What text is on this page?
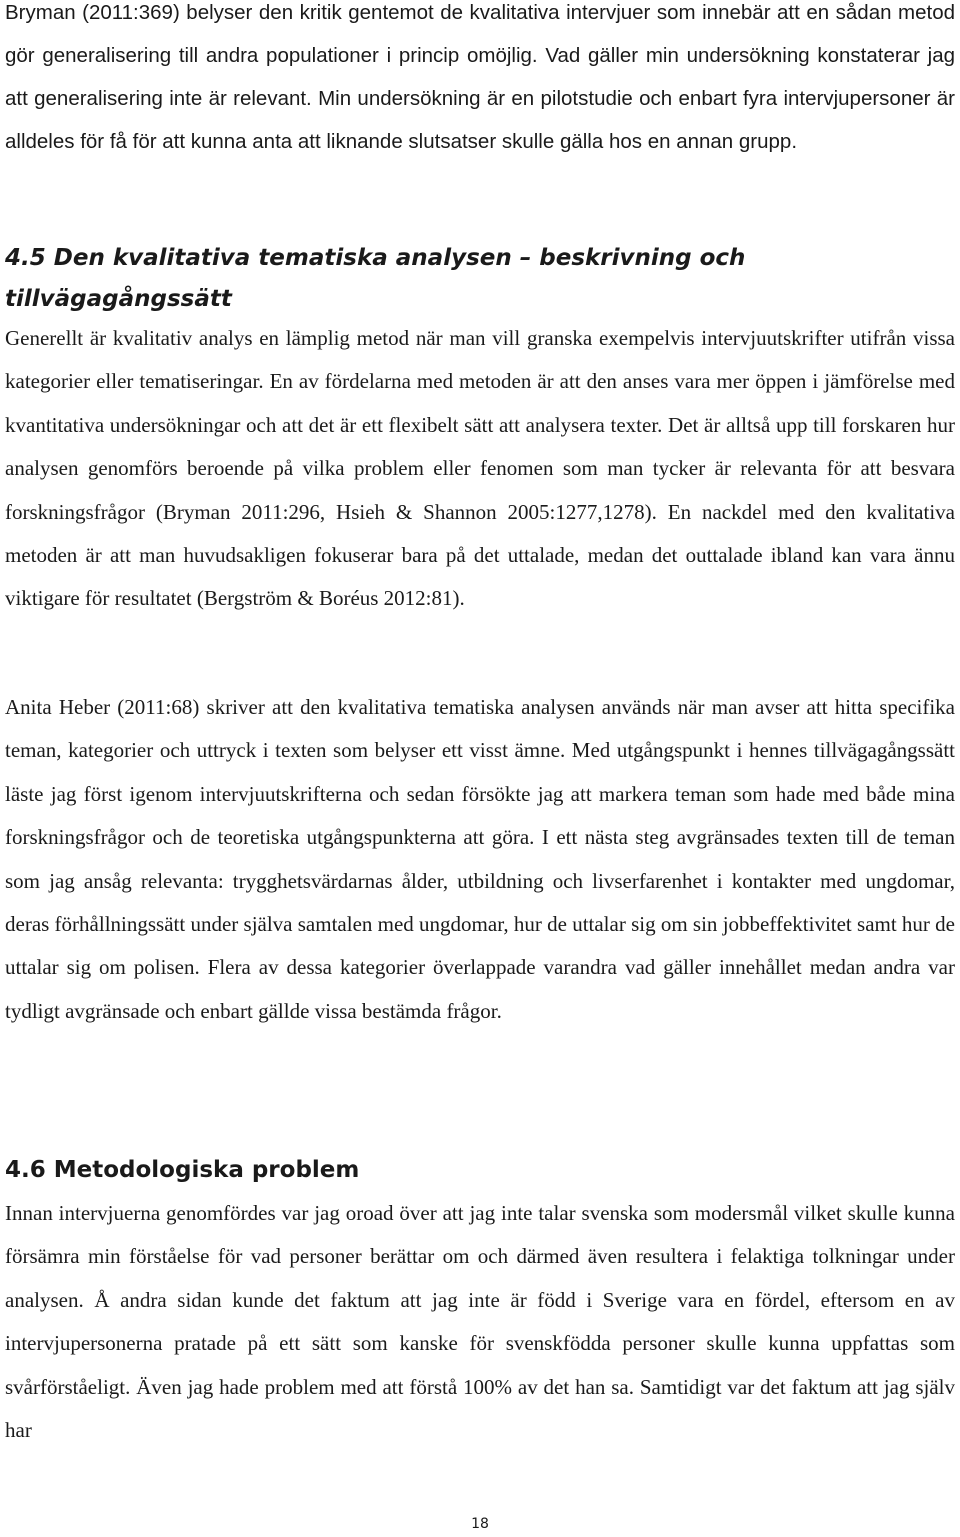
Bryman (2011:369) belyser den kritik gentemot de kvalitativa intervjuer som innebär att en sådan metod gör generalisering till andra populationer i princip omöjlig. Vad gäller min undersökning konstaterar jag att generalisering inte är relevant. Min undersökning är en pilotstudie och enbart fyra intervjupersoner är alldeles för få för att kunna anta att liknande slutsatser skulle gälla hos en annan grupp.

4.5 Den kvalitativa tematiska analysen – beskrivning och tillvägagångssätt

Generellt är kvalitativ analys en lämplig metod när man vill granska exempelvis intervjuutskrifter utifrån vissa kategorier eller tematiseringar. En av fördelarna med metoden är att den anses vara mer öppen i jämförelse med kvantitativa undersökningar och att det är ett flexibelt sätt att analysera texter. Det är alltså upp till forskaren hur analysen genomförs beroende på vilka problem eller fenomen som man tycker är relevanta för att besvara forskningsfrågor (Bryman 2011:296, Hsieh & Shannon 2005:1277,1278). En nackdel med den kvalitativa metoden är att man huvudsakligen fokuserar bara på det uttalade, medan det outtalade ibland kan vara ännu viktigare för resultatet (Bergström & Boréus 2012:81).

Anita Heber (2011:68) skriver att den kvalitativa tematiska analysen används när man avser att hitta specifika teman, kategorier och uttryck i texten som belyser ett visst ämne. Med utgångspunkt i hennes tillvägagångssätt läste jag först igenom intervjuutskrifterna och sedan försökte jag att markera teman som hade med både mina forskningsfrågor och de teoretiska utgångspunkterna att göra. I ett nästa steg avgränsades texten till de teman som jag ansåg relevanta: trygghetsvärdarnas ålder, utbildning och livserfarenhet i kontakter med ungdomar, deras förhållningssätt under själva samtalen med ungdomar, hur de uttalar sig om sin jobbeffektivitet samt hur de uttalar sig om polisen. Flera av dessa kategorier överlappade varandra vad gäller innehållet medan andra var tydligt avgränsade och enbart gällde vissa bestämda frågor.

4.6 Metodologiska problem

Innan intervjuerna genomfördes var jag oroad över att jag inte talar svenska som modersmål vilket skulle kunna försämra min förståelse för vad personer berättar om och därmed även resultera i felaktiga tolkningar under analysen. Å andra sidan kunde det faktum att jag inte är född i Sverige vara en fördel, eftersom en av intervjupersonerna pratade på ett sätt som kanske för svenskfödda personer skulle kunna uppfattas som svårförståeligt. Även jag hade problem med att förstå 100% av det han sa. Samtidigt var det faktum att jag själv har

18
